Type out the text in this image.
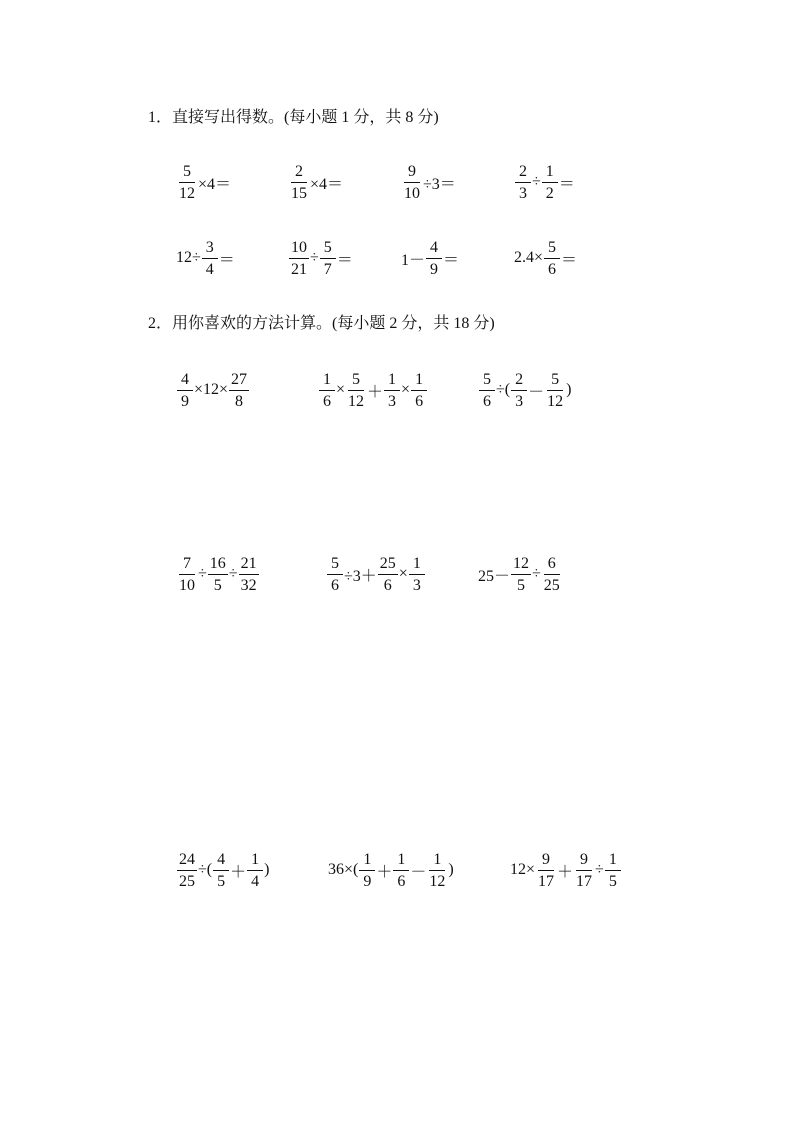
1．直接写出得数。(每小题 1 分，共 8 分)
$\frac{5}{12} \times 4=$	$\frac{2}{15} \times 4=$	$\frac{9}{10} \div 3=$	$\frac{2}{3} \div \frac{1}{2}$ ＝
$12\div \frac{3}{4}$ ＝	$\frac{10}{21} \div \frac{5}{7}$ ＝	$1- \frac{4}{9}$ ＝	$2.4\times \frac{5}{6}$ ＝
2．用你喜欢的方法计算。(每小题 2 分，共 18 分)
$\frac{4}{9} \times 12\times \frac{27}{8}$	$\frac{1}{6} \times \frac{5}{12} + \frac{1}{3} \times \frac{1}{6}$	$\frac{5}{6}$ ÷( $\frac{2}{3} - \frac{5}{12}$ )
$\frac{7}{10} \div \frac{16}{5} \div \frac{21}{32}$	$\frac{5}{6} \div 3+ \frac{25}{6} \times \frac{1}{3}$	$25- \frac{12}{5} \div \frac{6}{25}$
$\frac{24}{25}$ ÷( $\frac{4}{5} + \frac{1}{4}$ )	$36\times( \frac{1}{9} + \frac{1}{6} - \frac{1}{12}$ )	$12\times \frac{9}{17} + \frac{9}{17} \div \frac{1}{5}$
